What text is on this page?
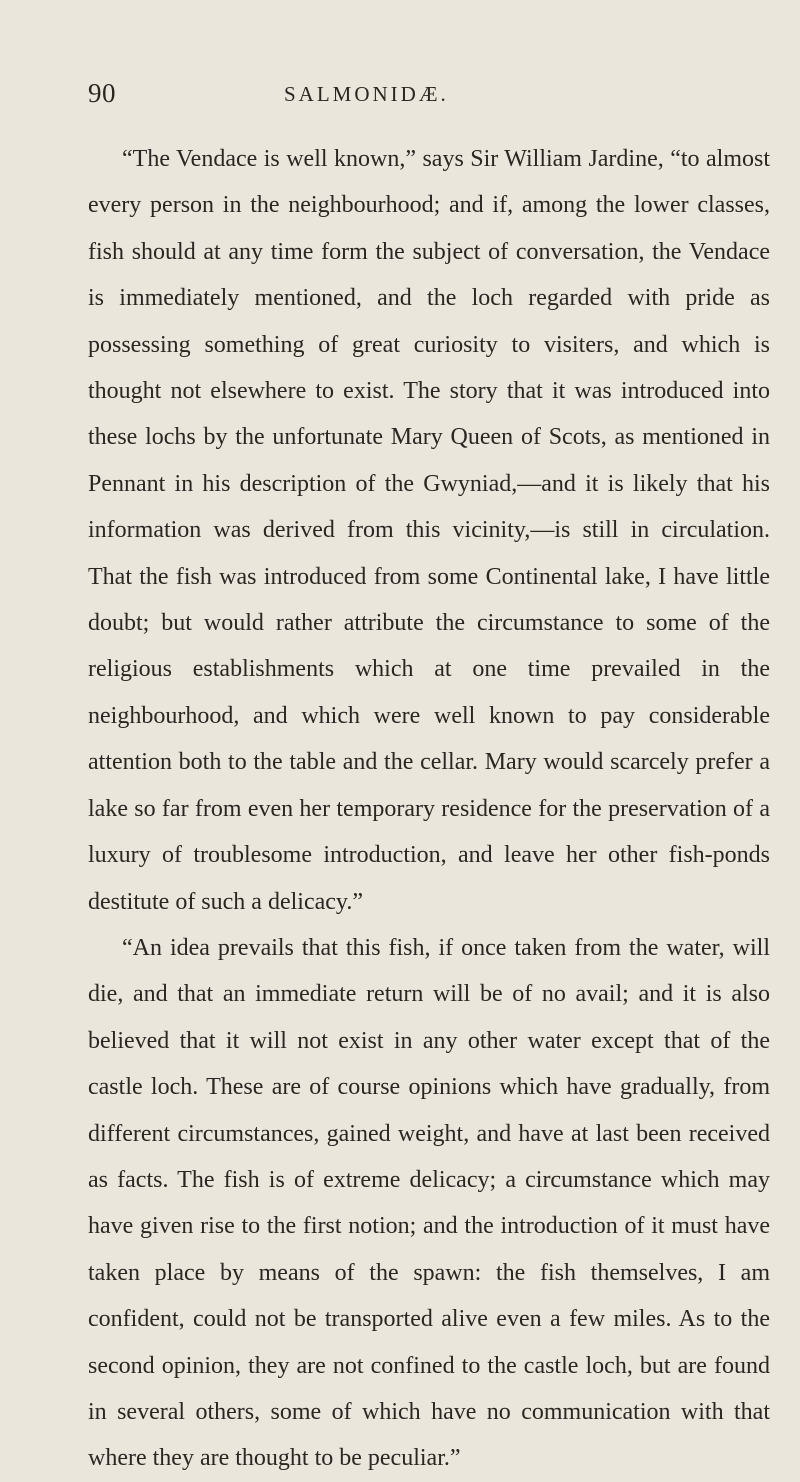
90	SALMONIDÆ.

“The Vendace is well known,” says Sir William Jardine, “to almost every person in the neighbourhood; and if, among the lower classes, fish should at any time form the subject of conversation, the Vendace is immediately mentioned, and the loch regarded with pride as possessing something of great curiosity to visiters, and which is thought not elsewhere to exist. The story that it was introduced into these lochs by the unfortunate Mary Queen of Scots, as mentioned in Pennant in his description of the Gwyniad,—and it is likely that his information was derived from this vicinity,—is still in circulation. That the fish was introduced from some Continental lake, I have little doubt; but would rather attribute the circumstance to some of the religious establishments which at one time prevailed in the neighbourhood, and which were well known to pay considerable attention both to the table and the cellar. Mary would scarcely prefer a lake so far from even her temporary residence for the preservation of a luxury of troublesome introduction, and leave her other fish-ponds destitute of such a delicacy.”

“An idea prevails that this fish, if once taken from the water, will die, and that an immediate return will be of no avail; and it is also believed that it will not exist in any other water except that of the castle loch. These are of course opinions which have gradually, from different circumstances, gained weight, and have at last been received as facts. The fish is of extreme delicacy; a circumstance which may have given rise to the first notion; and the introduction of it must have taken place by means of the spawn: the fish themselves, I am confident, could not be transported alive even a few miles. As to the second opinion, they are not confined to the castle loch, but are found in several others, some of which have no communication with that where they are thought to be peculiar.”
